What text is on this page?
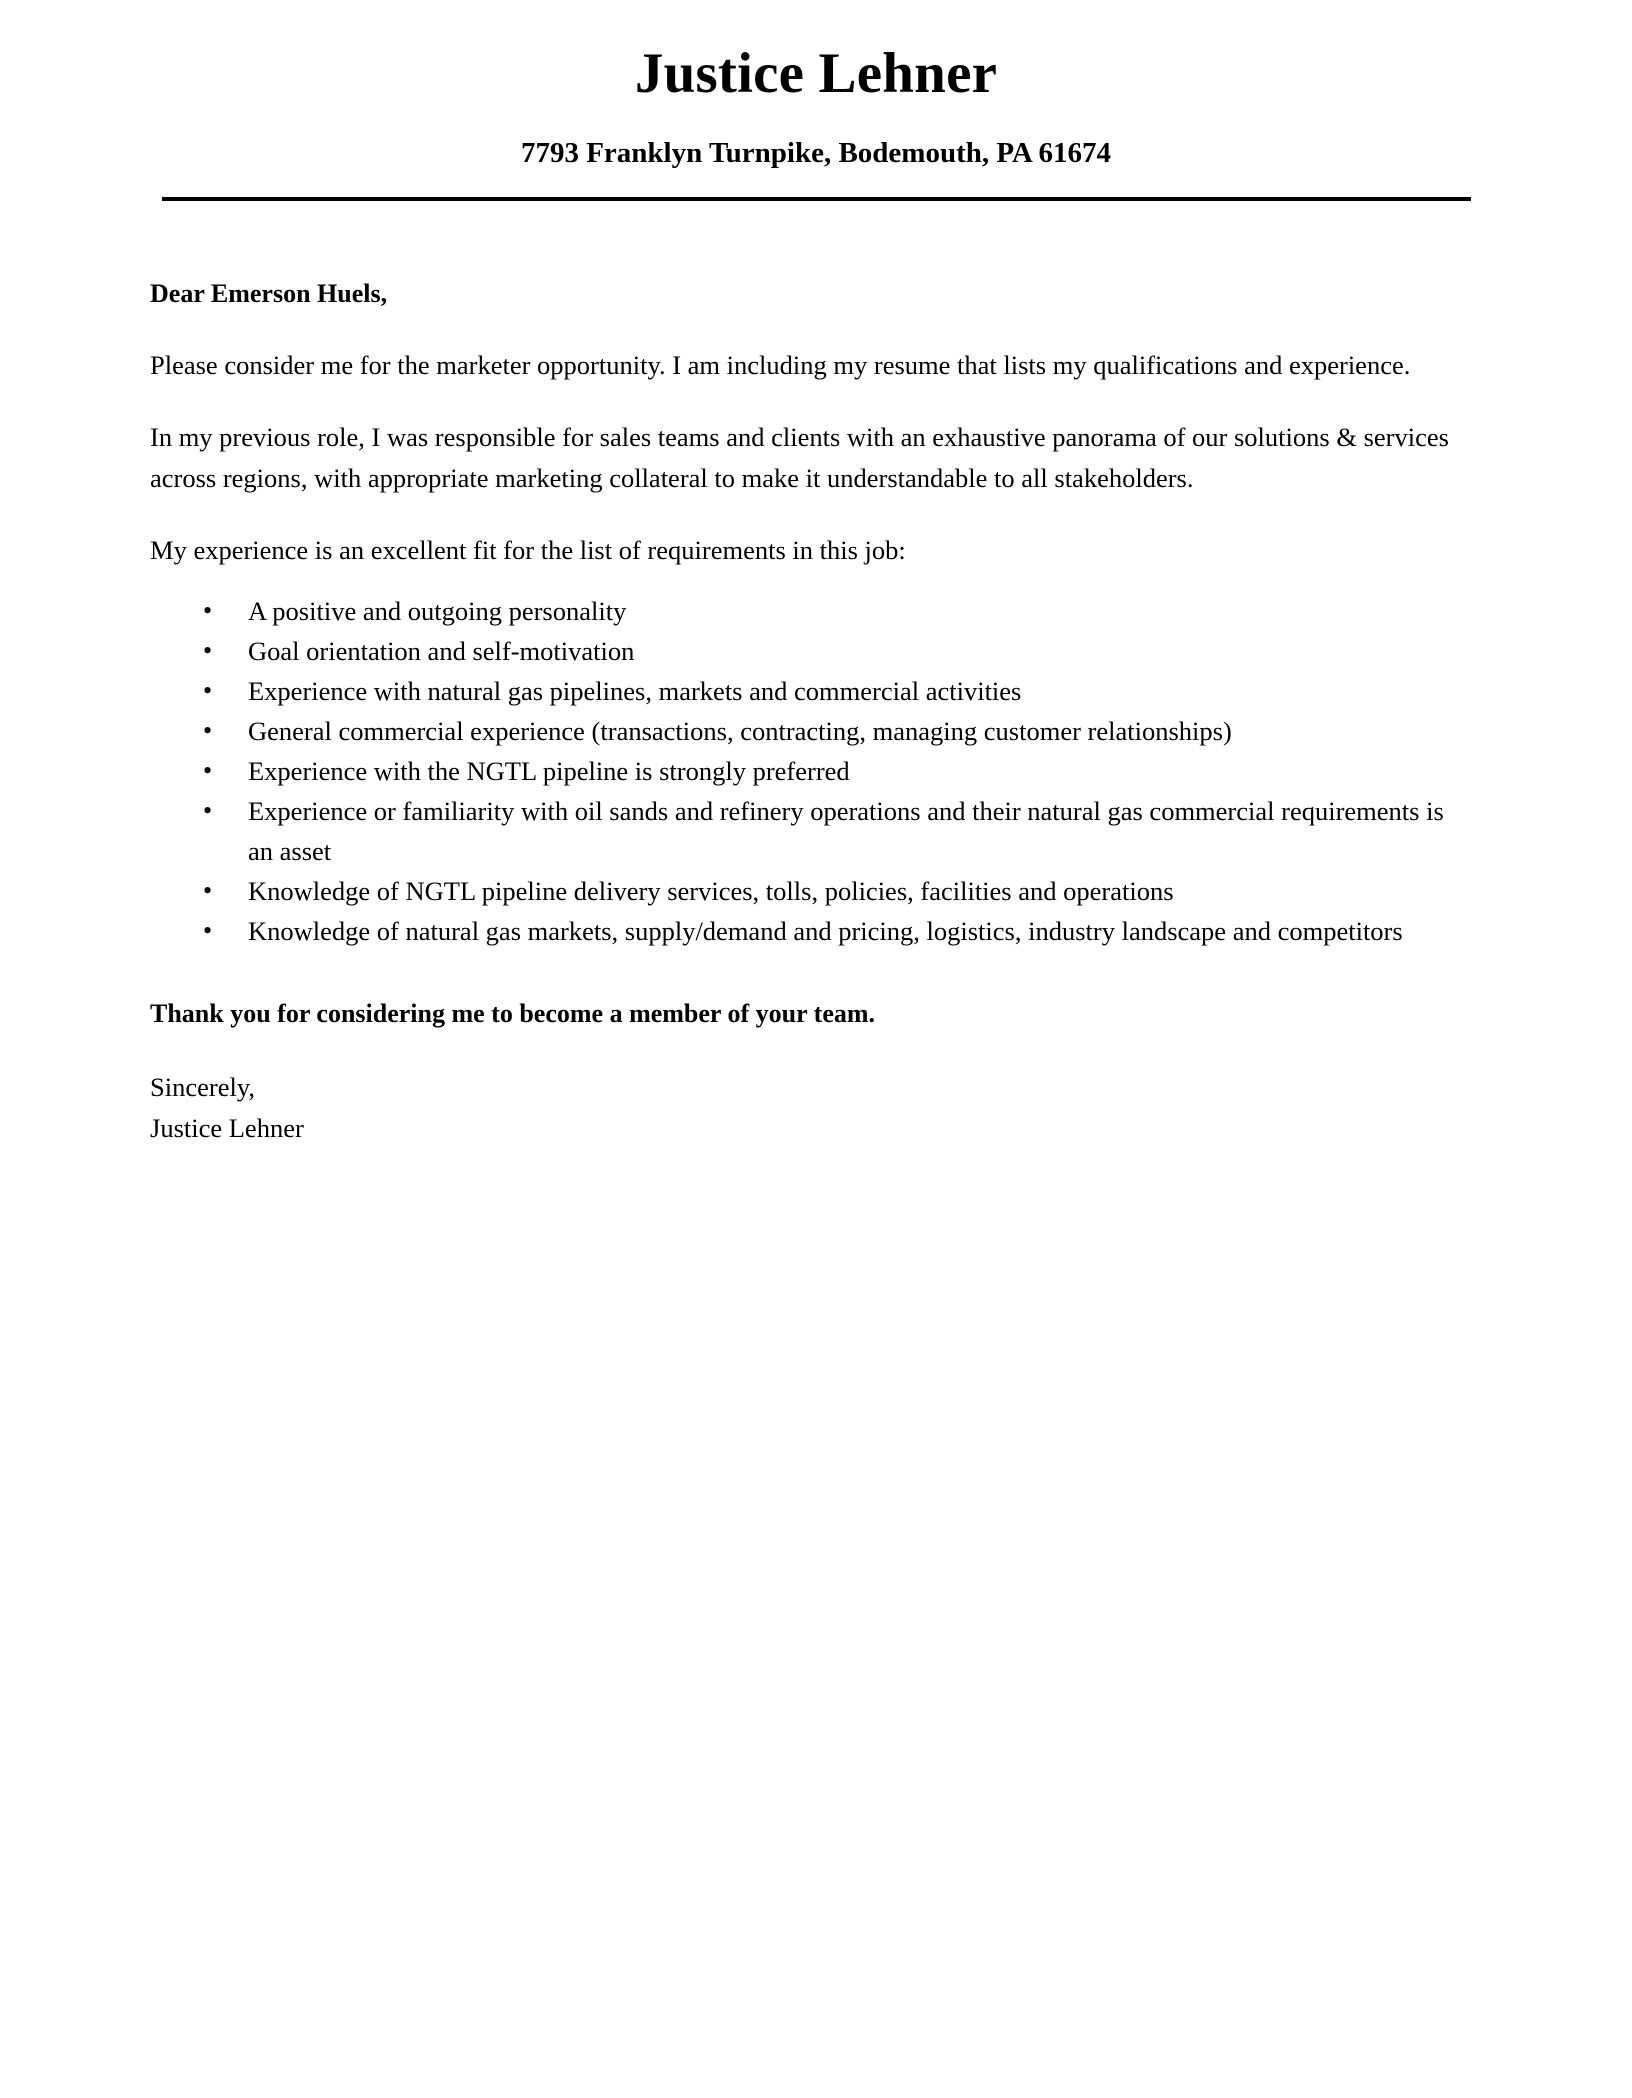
Justice Lehner
7793 Franklyn Turnpike, Bodemouth, PA 61674

Dear Emerson Huels,

Please consider me for the marketer opportunity. I am including my resume that lists my qualifications and experience.

In my previous role, I was responsible for sales teams and clients with an exhaustive panorama of our solutions & services across regions, with appropriate marketing collateral to make it understandable to all stakeholders.

My experience is an excellent fit for the list of requirements in this job:

• A positive and outgoing personality
• Goal orientation and self-motivation
• Experience with natural gas pipelines, markets and commercial activities
• General commercial experience (transactions, contracting, managing customer relationships)
• Experience with the NGTL pipeline is strongly preferred
• Experience or familiarity with oil sands and refinery operations and their natural gas commercial requirements is an asset
• Knowledge of NGTL pipeline delivery services, tolls, policies, facilities and operations
• Knowledge of natural gas markets, supply/demand and pricing, logistics, industry landscape and competitors

Thank you for considering me to become a member of your team.

Sincerely,

Justice Lehner
